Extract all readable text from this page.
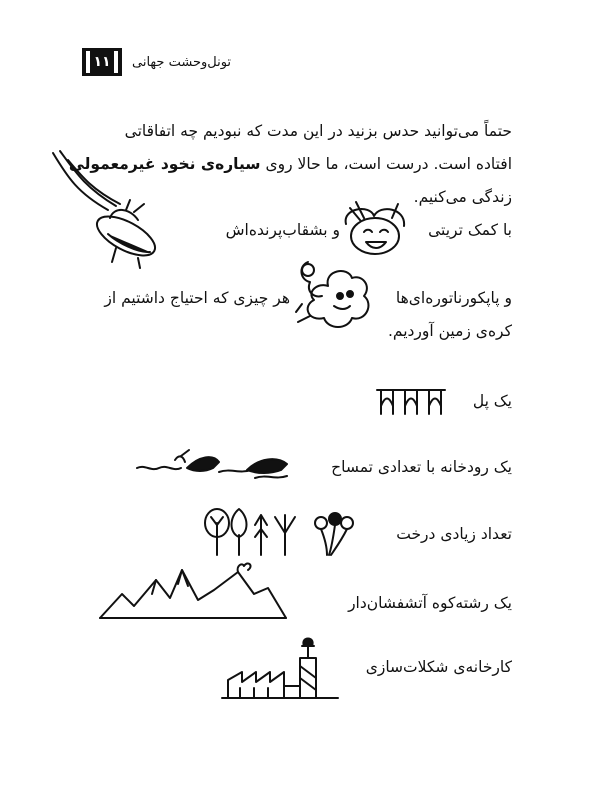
۱۱	تونل‌وحشت جهانی
حتماً می‌توانید حدس بزنید در این مدت که نبودیم چه اتفاقاتی
افتاده است. درست است، ما حالا روی سیاره‌ی نخود غیرمعمولی
زندگی می‌کنیم.
با کمک تریتی
و بشقاب‌پرنده‌اش
و پاپکورناتوره‌ای‌ها
هر چیزی که احتیاج داشتیم از
کره‌ی زمین آوردیم.
یک پل
یک رودخانه با تعدادی تمساح
تعداد زیادی درخت
یک رشته‌کوه آتشفشان‌دار
کارخانه‌ی شکلات‌سازی
